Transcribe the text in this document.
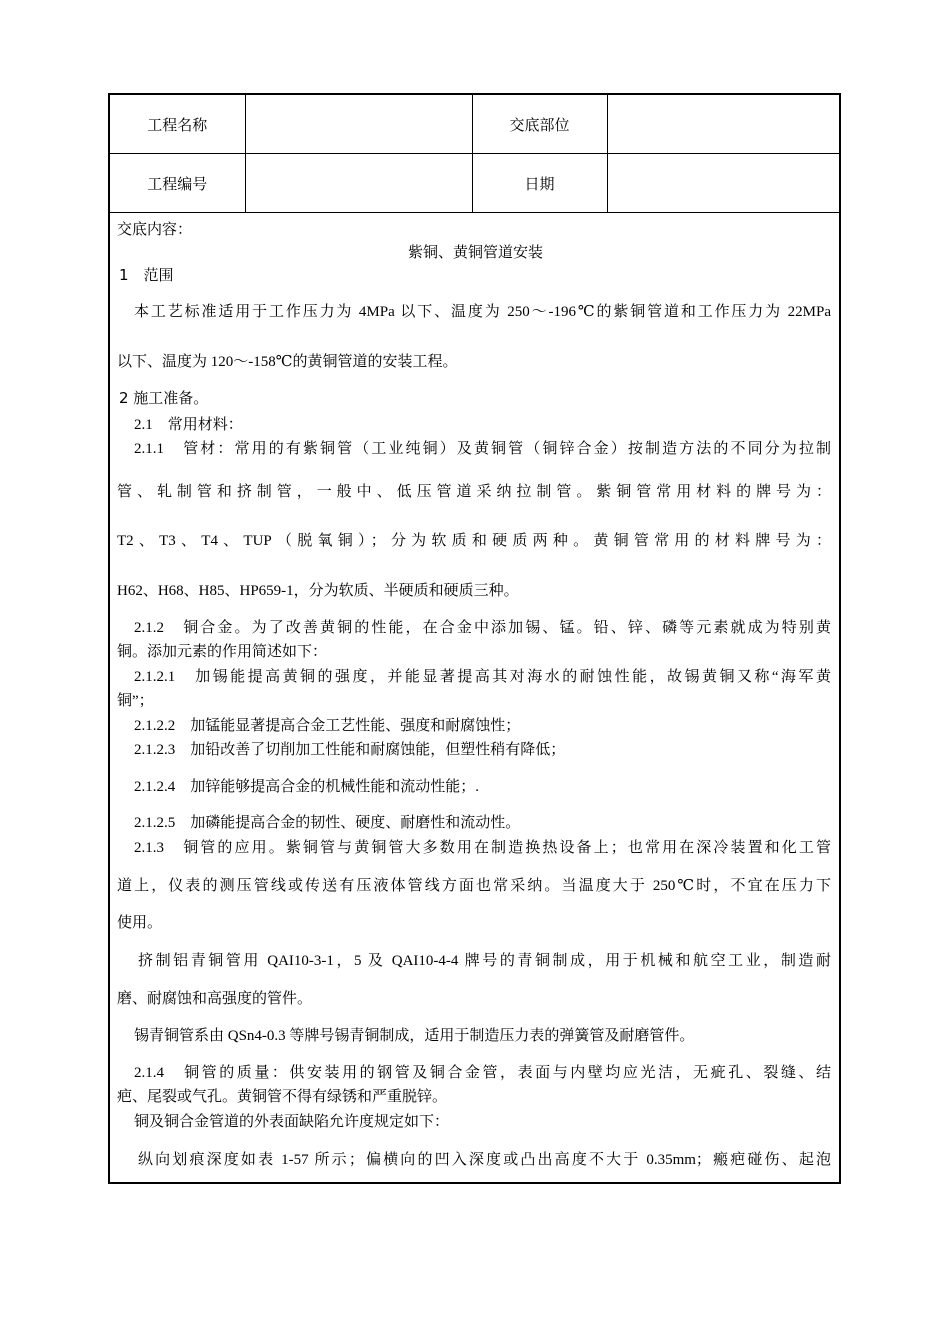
工程名称		交底部位	
工程编号		日期	
交底内容：
紫铜、黄铜管道安装
1　范围
本工艺标准适用于工作压力为 4MPa 以下、温度为 250～-196℃的紫铜管道和工作压力为 22MPa
以下、温度为 120～-158℃的黄铜管道的安装工程。
2 施工准备。
2.1　常用材料：
2.1.1　管材：常用的有紫铜管（工业纯铜）及黄铜管（铜锌合金）按制造方法的不同分为拉制
管、轧制管和挤制管，一般中、低压管道采纳拉制管。紫铜管常用材料的牌号为：
T2、T3、T4、TUP（脱氧铜）；分为软质和硬质两种。黄铜管常用的材料牌号为：
H62、H68、H85、HP659-1，分为软质、半硬质和硬质三种。
2.1.2　铜合金。为了改善黄铜的性能，在合金中添加锡、锰。铅、锌、磷等元素就成为特别黄
铜。添加元素的作用简述如下：
2.1.2.1　加锡能提高黄铜的强度，并能显著提高其对海水的耐蚀性能，故锡黄铜又称“海军黄
铜”；
2.1.2.2　加锰能显著提高合金工艺性能、强度和耐腐蚀性；
2.1.2.3　加铅改善了切削加工性能和耐腐蚀能，但塑性稍有降低；
2.1.2.4　加锌能够提高合金的机械性能和流动性能；.
2.1.2.5　加磷能提高合金的韧性、硬度、耐磨性和流动性。
2.1.3　铜管的应用。紫铜管与黄铜管大多数用在制造换热设备上；也常用在深冷装置和化工管
道上，仪表的测压管线或传送有压液体管线方面也常采纳。当温度大于 250℃时，不宜在压力下
使用。
挤制铝青铜管用 QAI10-3-1，5 及 QAI10-4-4 牌号的青铜制成，用于机械和航空工业，制造耐
磨、耐腐蚀和高强度的管件。
锡青铜管系由 QSn4-0.3 等牌号锡青铜制成，适用于制造压力表的弹簧管及耐磨管件。
2.1.4　铜管的质量：供安装用的钢管及铜合金管，表面与内壁均应光洁，无疵孔、裂缝、结
疤、尾裂或气孔。黄铜管不得有绿锈和严重脱锌。
铜及铜合金管道的外表面缺陷允许度规定如下：
纵向划痕深度如表 1-57 所示；偏横向的凹入深度或凸出高度不大于 0.35mm；瘢疤碰伤、起泡
